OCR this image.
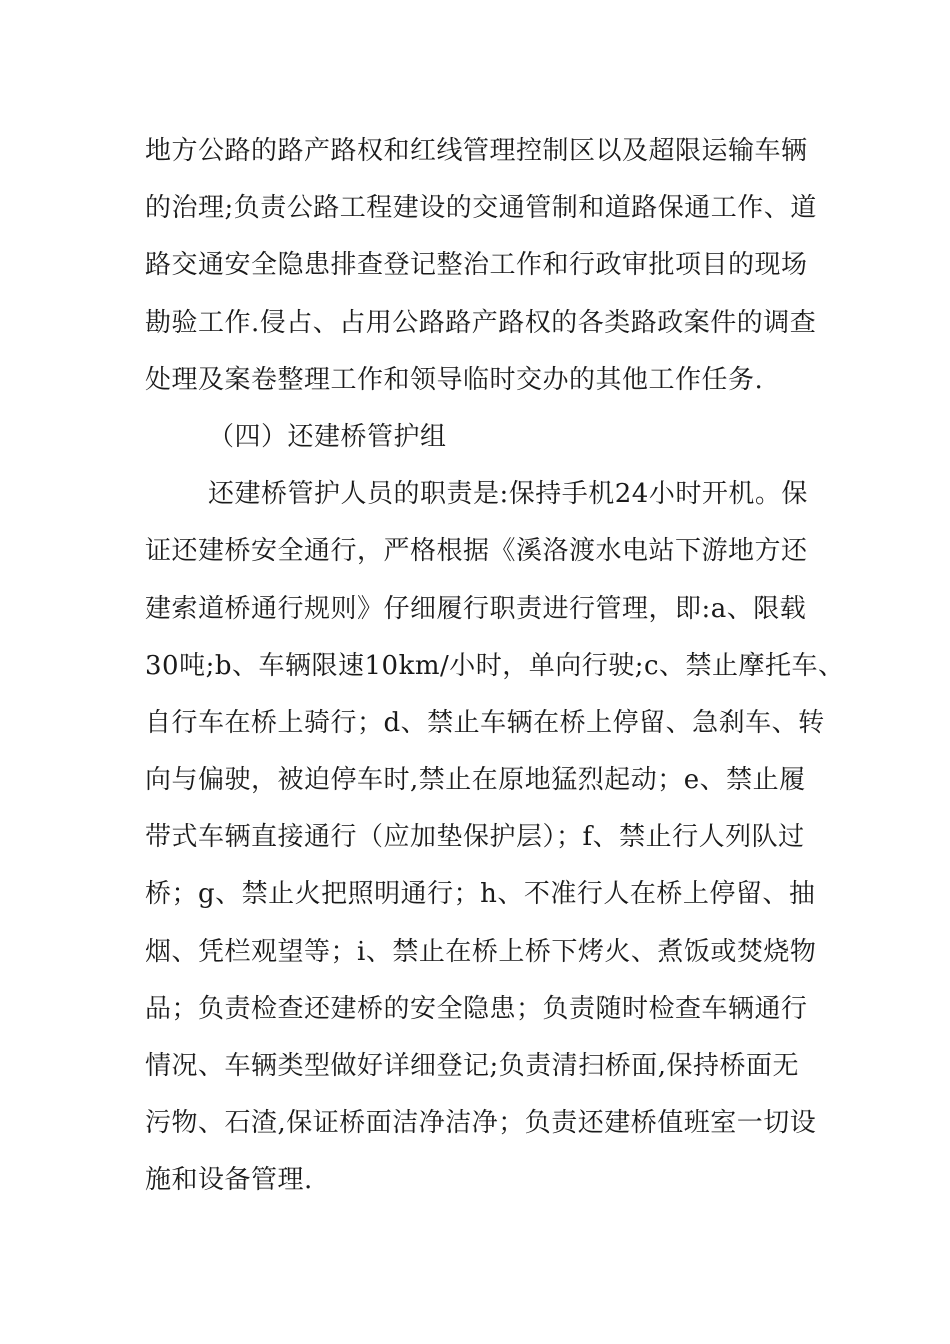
地方公路的路产路权和红线管理控制区以及超限运输车辆
的治理;负责公路工程建设的交通管制和道路保通工作、道
路交通安全隐患排查登记整治工作和行政审批项目的现场
勘验工作.侵占、占用公路路产路权的各类路政案件的调查
处理及案卷整理工作和领导临时交办的其他工作任务.
（四）还建桥管护组
还建桥管护人员的职责是:保持手机24小时开机。保
证还建桥安全通行，严格根据《溪洛渡水电站下游地方还
建索道桥通行规则》仔细履行职责进行管理，即:a、限载
30吨;b、车辆限速10km/小时，单向行驶;c、禁止摩托车、
自行车在桥上骑行；d、禁止车辆在桥上停留、急刹车、转
向与偏驶，被迫停车时,禁止在原地猛烈起动；e、禁止履
带式车辆直接通行（应加垫保护层）；f、禁止行人列队过
桥；g、禁止火把照明通行；h、不准行人在桥上停留、抽
烟、凭栏观望等；i、禁止在桥上桥下烤火、煮饭或焚烧物
品；负责检查还建桥的安全隐患；负责随时检查车辆通行
情况、车辆类型做好详细登记;负责清扫桥面,保持桥面无
污物、石渣,保证桥面洁净洁净；负责还建桥值班室一切设
施和设备管理.
